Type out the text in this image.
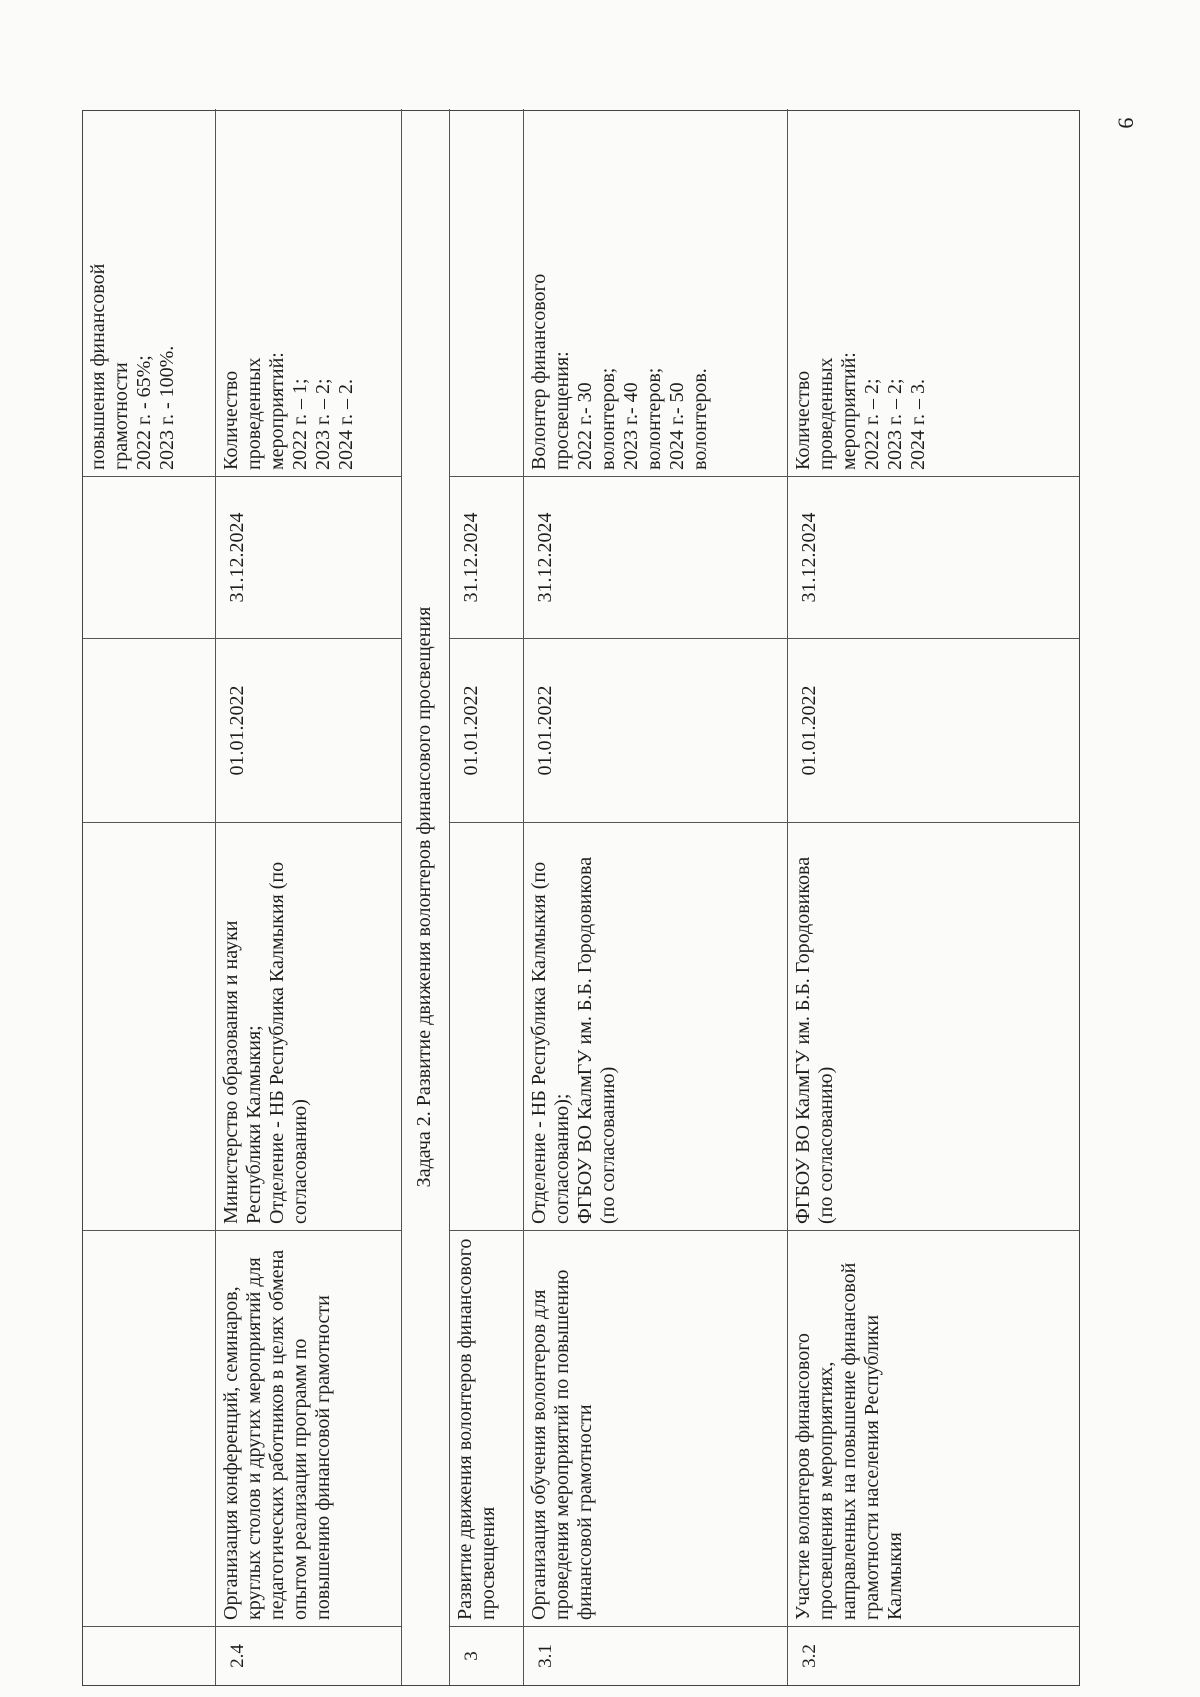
9
повышения финансовой
грамотности
2022 г. - 65%;
2023 г. - 100%.
2.4
Организация конференций, семинаров, круглых столов и других мероприятий для педагогических работников в целях обмена опытом реализации программ по повышению финансовой грамотности
Министерство образования и науки Республики Калмыкия;
Отделение - НБ Республика Калмыкия (по согласованию)
01.01.2022
31.12.2024
Количество
проведенных
мероприятий:
2022 г. – 1;
2023 г. – 2;
2024 г. – 2.
Задача 2. Развитие движения волонтеров финансового просвещения
3
Развитие движения волонтеров финансового просвещения
01.01.2022
31.12.2024
3.1
Организация обучения волонтеров для проведения мероприятий по повышению финансовой грамотности
Отделение - НБ Республика Калмыкия (по согласованию);
ФГБОУ ВО КалмГУ им. Б.Б. Городовикова (по согласованию)
01.01.2022
31.12.2024
Волонтер финансового
просвещения:
2022 г.- 30
волонтеров;
2023 г.- 40
волонтеров;
2024 г.- 50
волонтеров.
3.2
Участие волонтеров финансового просвещения в мероприятиях, направленных на повышение финансовой грамотности населения Республики Калмыкия
ФГБОУ ВО КалмГУ им. Б.Б. Городовикова (по согласованию)
01.01.2022
31.12.2024
Количество
проведенных
мероприятий:
2022 г. – 2;
2023 г. – 2;
2024 г. – 3.
